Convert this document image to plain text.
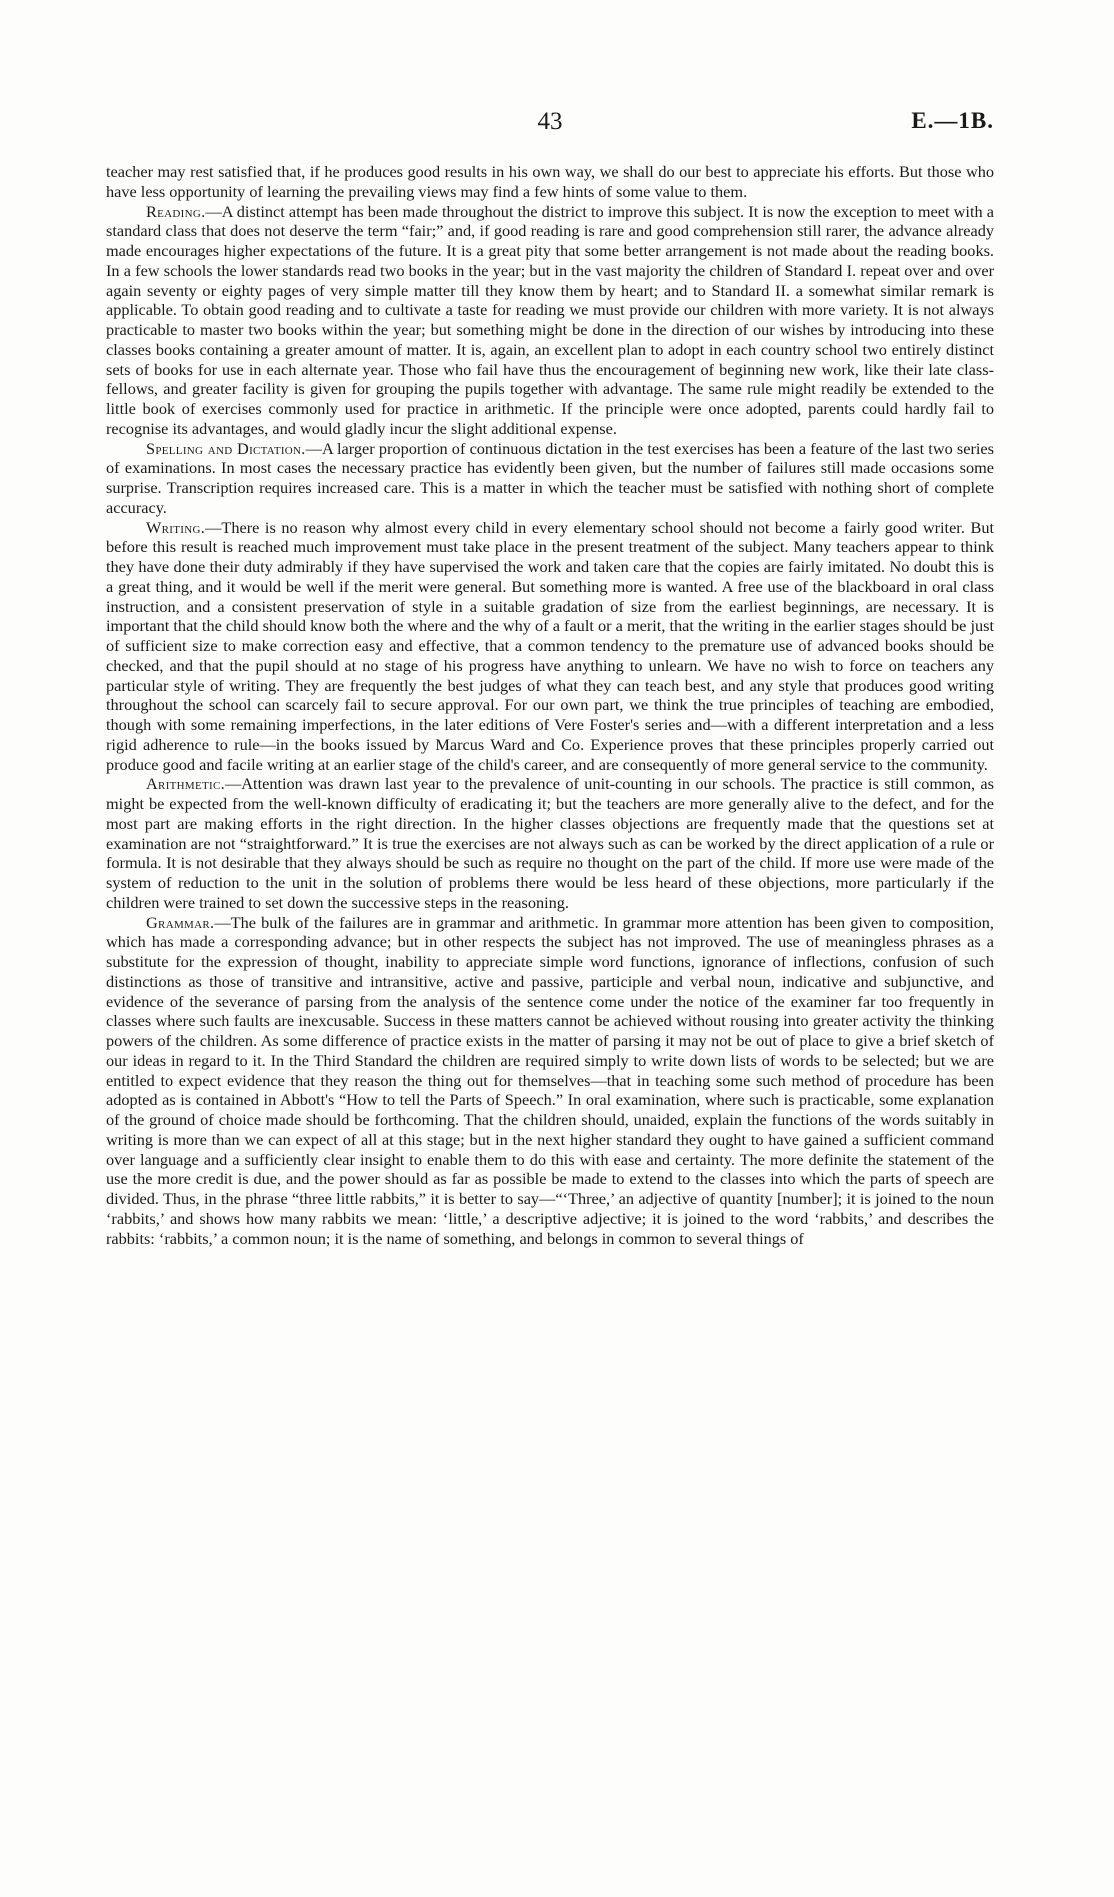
43	E.—1B.

teacher may rest satisfied that, if he produces good results in his own way, we shall do our best to appreciate his efforts. But those who have less opportunity of learning the prevailing views may find a few hints of some value to them.

Reading.—A distinct attempt has been made throughout the district to improve this subject. It is now the exception to meet with a standard class that does not deserve the term “fair;” and, if good reading is rare and good comprehension still rarer, the advance already made encourages higher expectations of the future. It is a great pity that some better arrangement is not made about the reading books. In a few schools the lower standards read two books in the year; but in the vast majority the children of Standard I. repeat over and over again seventy or eighty pages of very simple matter till they know them by heart; and to Standard II. a somewhat similar remark is applicable. To obtain good reading and to cultivate a taste for reading we must provide our children with more variety. It is not always practicable to master two books within the year; but something might be done in the direction of our wishes by introducing into these classes books containing a greater amount of matter. It is, again, an excellent plan to adopt in each country school two entirely distinct sets of books for use in each alternate year. Those who fail have thus the encouragement of beginning new work, like their late class-fellows, and greater facility is given for grouping the pupils together with advantage. The same rule might readily be extended to the little book of exercises commonly used for practice in arithmetic. If the principle were once adopted, parents could hardly fail to recognise its advantages, and would gladly incur the slight additional expense.

Spelling and Dictation.—A larger proportion of continuous dictation in the test exercises has been a feature of the last two series of examinations. In most cases the necessary practice has evidently been given, but the number of failures still made occasions some surprise. Transcription requires increased care. This is a matter in which the teacher must be satisfied with nothing short of complete accuracy.

Writing.—There is no reason why almost every child in every elementary school should not become a fairly good writer. But before this result is reached much improvement must take place in the present treatment of the subject. Many teachers appear to think they have done their duty admirably if they have supervised the work and taken care that the copies are fairly imitated. No doubt this is a great thing, and it would be well if the merit were general. But something more is wanted. A free use of the blackboard in oral class instruction, and a consistent preservation of style in a suitable gradation of size from the earliest beginnings, are necessary. It is important that the child should know both the where and the why of a fault or a merit, that the writing in the earlier stages should be just of sufficient size to make correction easy and effective, that a common tendency to the premature use of advanced books should be checked, and that the pupil should at no stage of his progress have anything to unlearn. We have no wish to force on teachers any particular style of writing. They are frequently the best judges of what they can teach best, and any style that produces good writing throughout the school can scarcely fail to secure approval. For our own part, we think the true principles of teaching are embodied, though with some remaining imperfections, in the later editions of Vere Foster's series and—with a different interpretation and a less rigid adherence to rule—in the books issued by Marcus Ward and Co. Experience proves that these principles properly carried out produce good and facile writing at an earlier stage of the child's career, and are consequently of more general service to the community.

Arithmetic.—Attention was drawn last year to the prevalence of unit-counting in our schools. The practice is still common, as might be expected from the well-known difficulty of eradicating it; but the teachers are more generally alive to the defect, and for the most part are making efforts in the right direction. In the higher classes objections are frequently made that the questions set at examination are not “straightforward.” It is true the exercises are not always such as can be worked by the direct application of a rule or formula. It is not desirable that they always should be such as require no thought on the part of the child. If more use were made of the system of reduction to the unit in the solution of problems there would be less heard of these objections, more particularly if the children were trained to set down the successive steps in the reasoning.

Grammar.—The bulk of the failures are in grammar and arithmetic. In grammar more attention has been given to composition, which has made a corresponding advance; but in other respects the subject has not improved. The use of meaningless phrases as a substitute for the expression of thought, inability to appreciate simple word functions, ignorance of inflections, confusion of such distinctions as those of transitive and intransitive, active and passive, participle and verbal noun, indicative and subjunctive, and evidence of the severance of parsing from the analysis of the sentence come under the notice of the examiner far too frequently in classes where such faults are inexcusable. Success in these matters cannot be achieved without rousing into greater activity the thinking powers of the children. As some difference of practice exists in the matter of parsing it may not be out of place to give a brief sketch of our ideas in regard to it. In the Third Standard the children are required simply to write down lists of words to be selected; but we are entitled to expect evidence that they reason the thing out for themselves—that in teaching some such method of procedure has been adopted as is contained in Abbott's “How to tell the Parts of Speech.” In oral examination, where such is practicable, some explanation of the ground of choice made should be forthcoming. That the children should, unaided, explain the functions of the words suitably in writing is more than we can expect of all at this stage; but in the next higher standard they ought to have gained a sufficient command over language and a sufficiently clear insight to enable them to do this with ease and certainty. The more definite the statement of the use the more credit is due, and the power should as far as possible be made to extend to the classes into which the parts of speech are divided. Thus, in the phrase “three little rabbits,” it is better to say—“‘Three,’ an adjective of quantity [number]; it is joined to the noun ‘rabbits,’ and shows how many rabbits we mean: ‘little,’ a descriptive adjective; it is joined to the word ‘rabbits,’ and describes the rabbits: ‘rabbits,’ a common noun; it is the name of something, and belongs in common to several things of
